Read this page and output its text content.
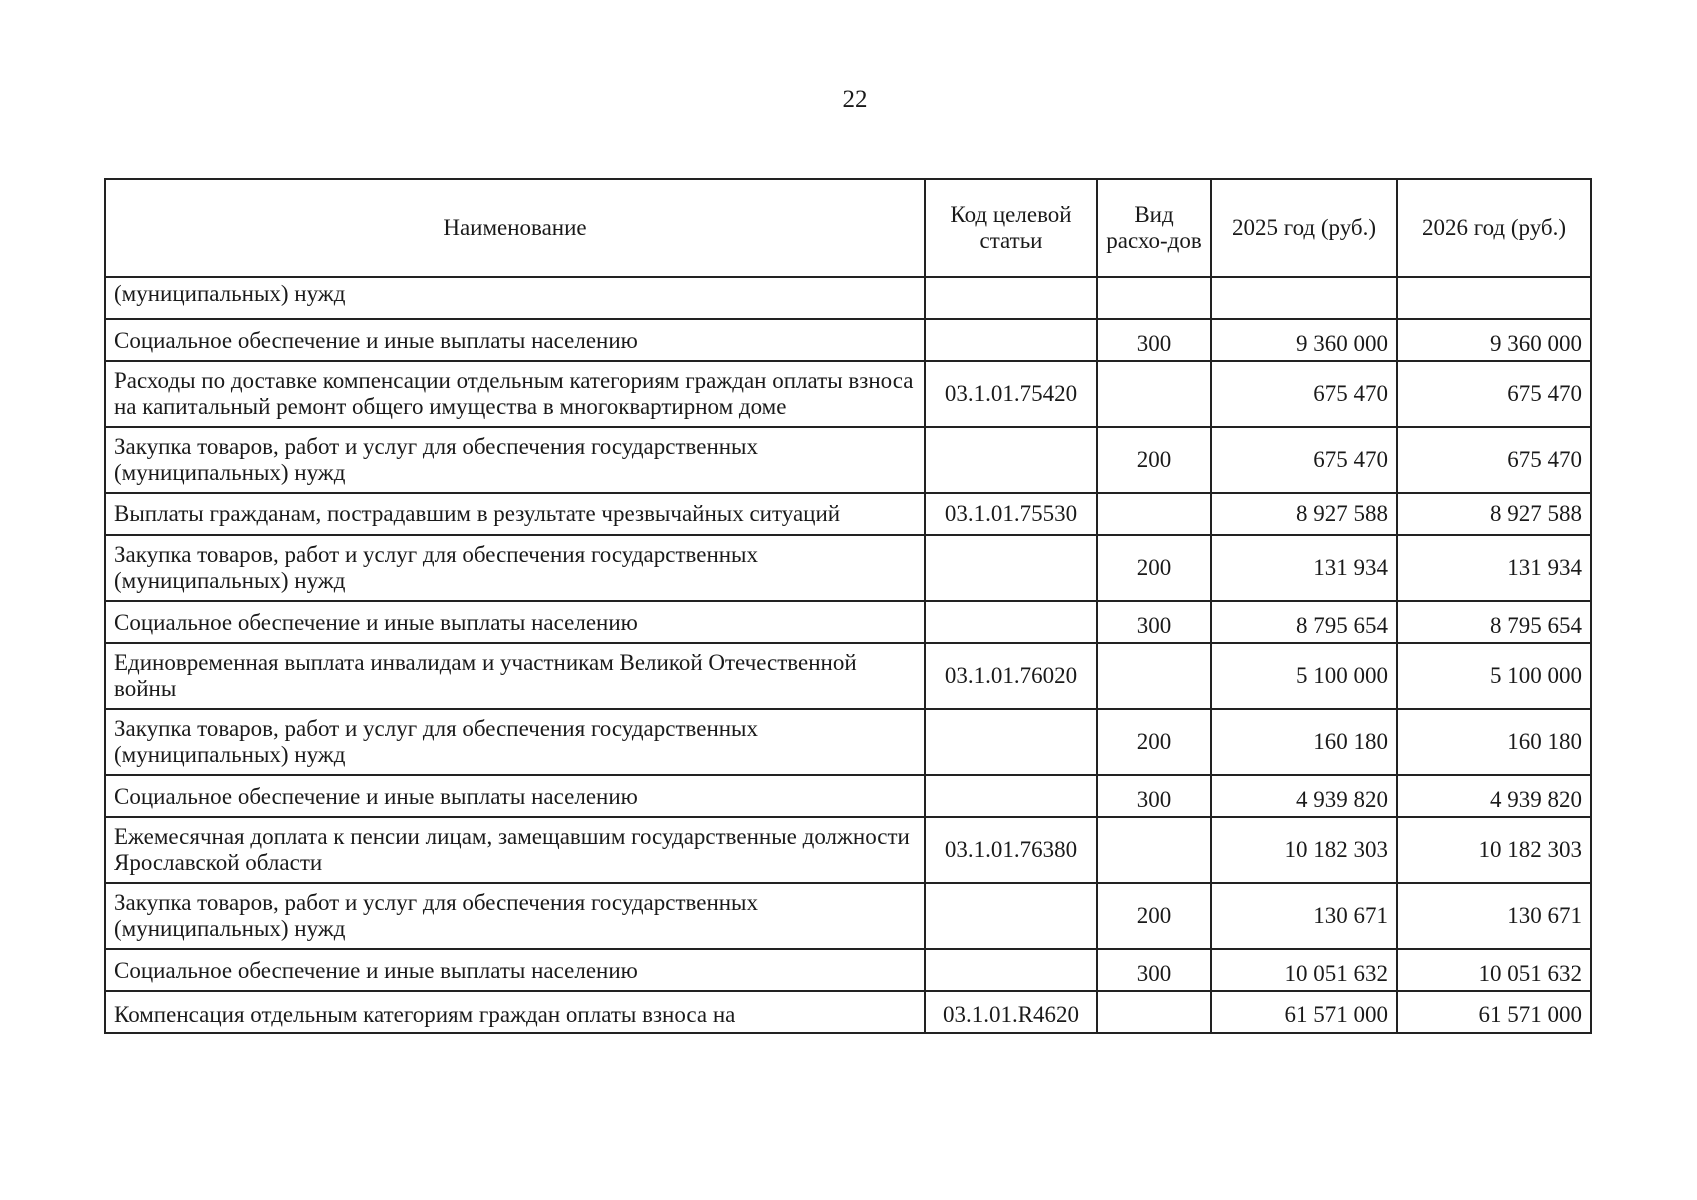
22
Наименование	Код целевой статьи	Вид расхо-дов	2025 год (руб.)	2026 год (руб.)
(муниципальных) нужд				
Социальное обеспечение и иные выплаты населению		300	9 360 000	9 360 000
Расходы по доставке компенсации отдельным категориям граждан оплаты взноса на капитальный ремонт общего имущества в многоквартирном доме	03.1.01.75420		675 470	675 470
Закупка товаров, работ и услуг для обеспечения государственных (муниципальных) нужд		200	675 470	675 470
Выплаты гражданам, пострадавшим в результате чрезвычайных ситуаций	03.1.01.75530		8 927 588	8 927 588
Закупка товаров, работ и услуг для обеспечения государственных (муниципальных) нужд		200	131 934	131 934
Социальное обеспечение и иные выплаты населению		300	8 795 654	8 795 654
Единовременная выплата инвалидам и участникам Великой Отечественной войны	03.1.01.76020		5 100 000	5 100 000
Закупка товаров, работ и услуг для обеспечения государственных (муниципальных) нужд		200	160 180	160 180
Социальное обеспечение и иные выплаты населению		300	4 939 820	4 939 820
Ежемесячная доплата к пенсии лицам, замещавшим государственные должности Ярославской области	03.1.01.76380		10 182 303	10 182 303
Закупка товаров, работ и услуг для обеспечения государственных (муниципальных) нужд		200	130 671	130 671
Социальное обеспечение и иные выплаты населению		300	10 051 632	10 051 632
Компенсация отдельным категориям граждан оплаты взноса на	03.1.01.R4620		61 571 000	61 571 000
